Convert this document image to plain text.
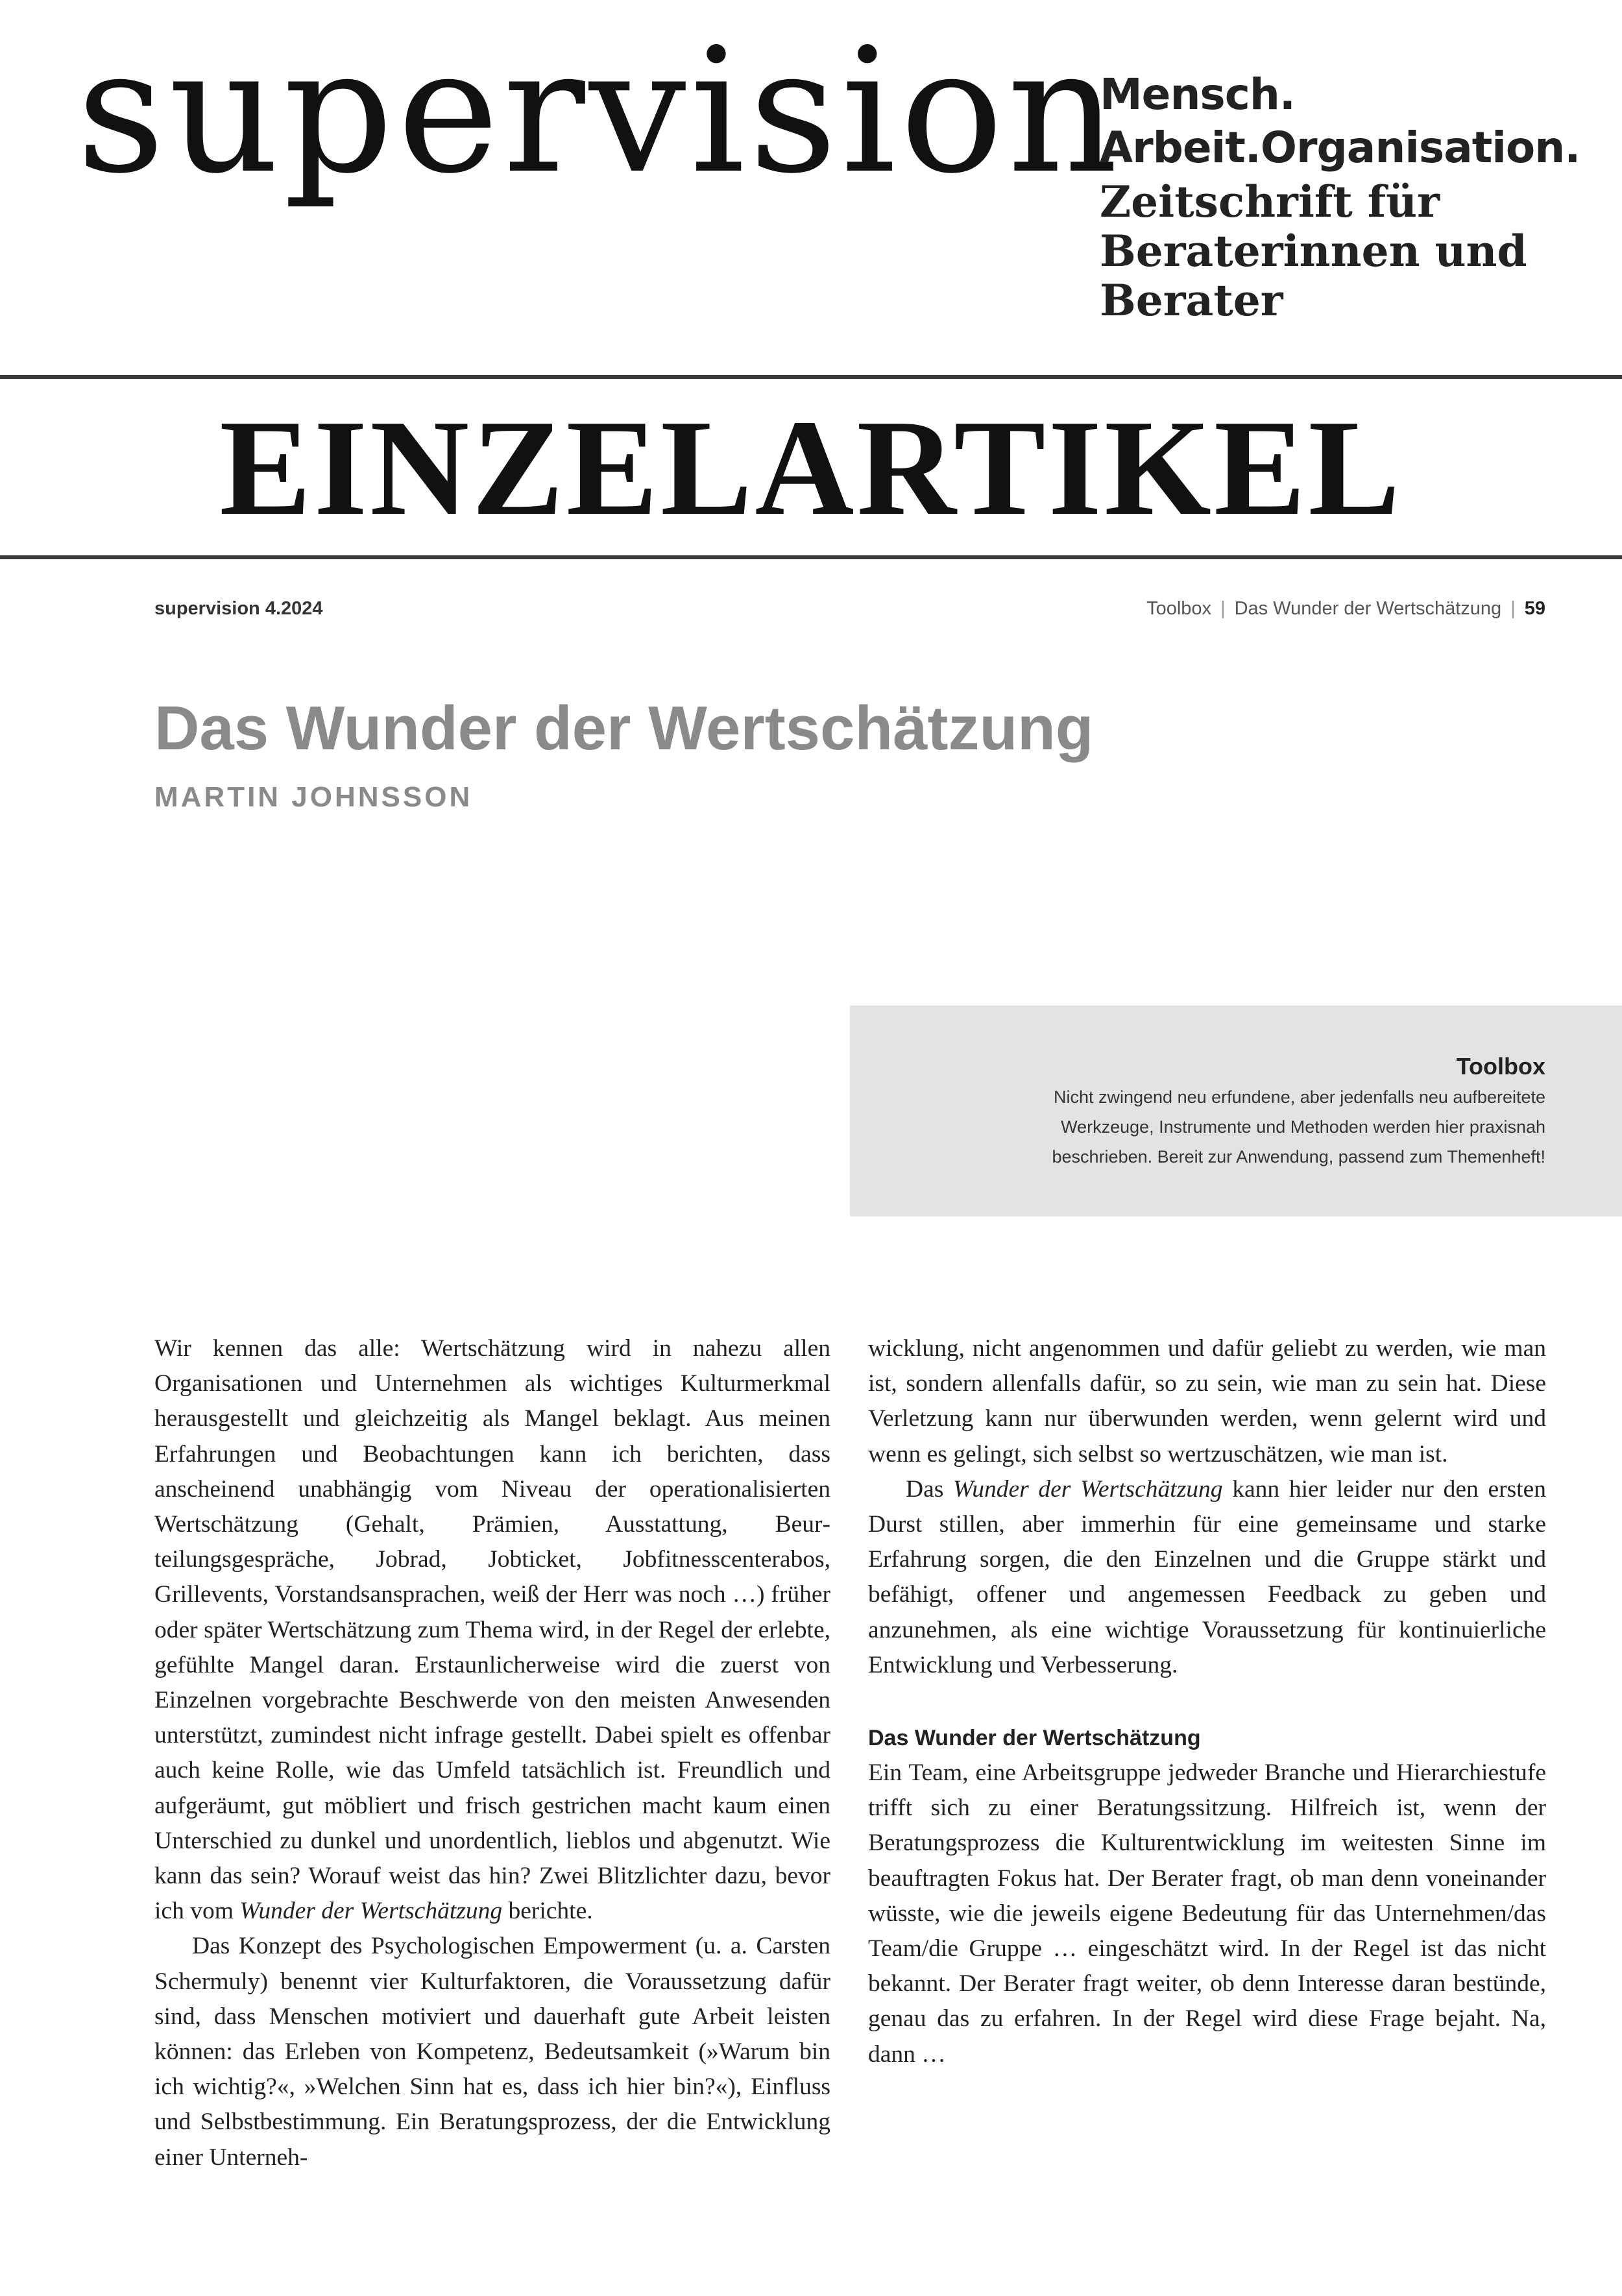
supervision
Mensch.
Arbeit.Organisation.
Zeitschrift für
Beraterinnen und
Berater
EINZELARTIKEL
supervision 4.2024	Toolbox | Das Wunder der Wertschätzung | 59
Das Wunder der Wertschätzung
MARTIN JOHNSSON
Toolbox
Nicht zwingend neu erfundene, aber jedenfalls neu aufbereitete
Werkzeuge, Instrumente und Methoden werden hier praxisnah
beschrieben. Bereit zur Anwendung, passend zum Themenheft!

Wir kennen das alle: Wertschätzung wird in nahezu allen Organisationen und Unternehmen als wichtiges Kulturmerkmal herausgestellt und gleichzeitig als Mangel beklagt. Aus meinen Erfahrungen und Beobachtungen kann ich berichten, dass anscheinend unabhängig vom Niveau der operationalisierten Wertschätzung (Gehalt, Prämien, Ausstattung, Beurteilungsgespräche, Jobrad, Jobticket, Jobfitnesscenterabos, Grillevents, Vorstandsansprachen, weiß der Herr was noch …) früher oder später Wertschätzung zum Thema wird, in der Regel der erlebte, gefühlte Mangel daran. Erstaunlicherweise wird die zuerst von Einzelnen vorgebrachte Beschwerde von den meisten Anwesenden unterstützt, zumindest nicht infrage gestellt. Dabei spielt es offenbar auch keine Rolle, wie das Umfeld tatsächlich ist. Freundlich und aufgeräumt, gut möbliert und frisch gestrichen macht kaum einen Unterschied zu dunkel und unordentlich, lieblos und abgenutzt. Wie kann das sein? Worauf weist das hin? Zwei Blitzlichter dazu, bevor ich vom Wunder der Wertschätzung berichte.

Das Konzept des Psychologischen Empowerment (u. a. Carsten Schermuly) benennt vier Kulturfaktoren, die Voraussetzung dafür sind, dass Menschen motiviert und dauerhaft gute Arbeit leisten können: das Erleben von Kompetenz, Bedeutsamkeit (»Warum bin ich wichtig?«, »Welchen Sinn hat es, dass ich hier bin?«), Einfluss und Selbstbestimmung. Ein Beratungsprozess, der die Entwicklung einer Unterneh-

wicklung, nicht angenommen und dafür geliebt zu werden, wie man ist, sondern allenfalls dafür, so zu sein, wie man zu sein hat. Diese Verletzung kann nur überwunden werden, wenn gelernt wird und wenn es gelingt, sich selbst so wertzuschätzen, wie man ist.

Das Wunder der Wertschätzung kann hier leider nur den ersten Durst stillen, aber immerhin für eine gemeinsame und starke Erfahrung sorgen, die den Einzelnen und die Gruppe stärkt und befähigt, offener und angemessen Feedback zu geben und anzunehmen, als eine wichtige Voraussetzung für kontinuierliche Entwicklung und Verbesserung.

Das Wunder der Wertschätzung

Ein Team, eine Arbeitsgruppe jedweder Branche und Hierarchiestufe trifft sich zu einer Beratungssitzung. Hilfreich ist, wenn der Beratungsprozess die Kulturentwicklung im weitesten Sinne im beauftragten Fokus hat. Der Berater fragt, ob man denn voneinander wüsste, wie die jeweils eigene Bedeutung für das Unternehmen/das Team/die Gruppe … eingeschätzt wird. In der Regel ist das nicht bekannt. Der Berater fragt weiter, ob denn Interesse daran bestünde, genau das zu erfahren. In der Regel wird diese Frage bejaht. Na, dann …
